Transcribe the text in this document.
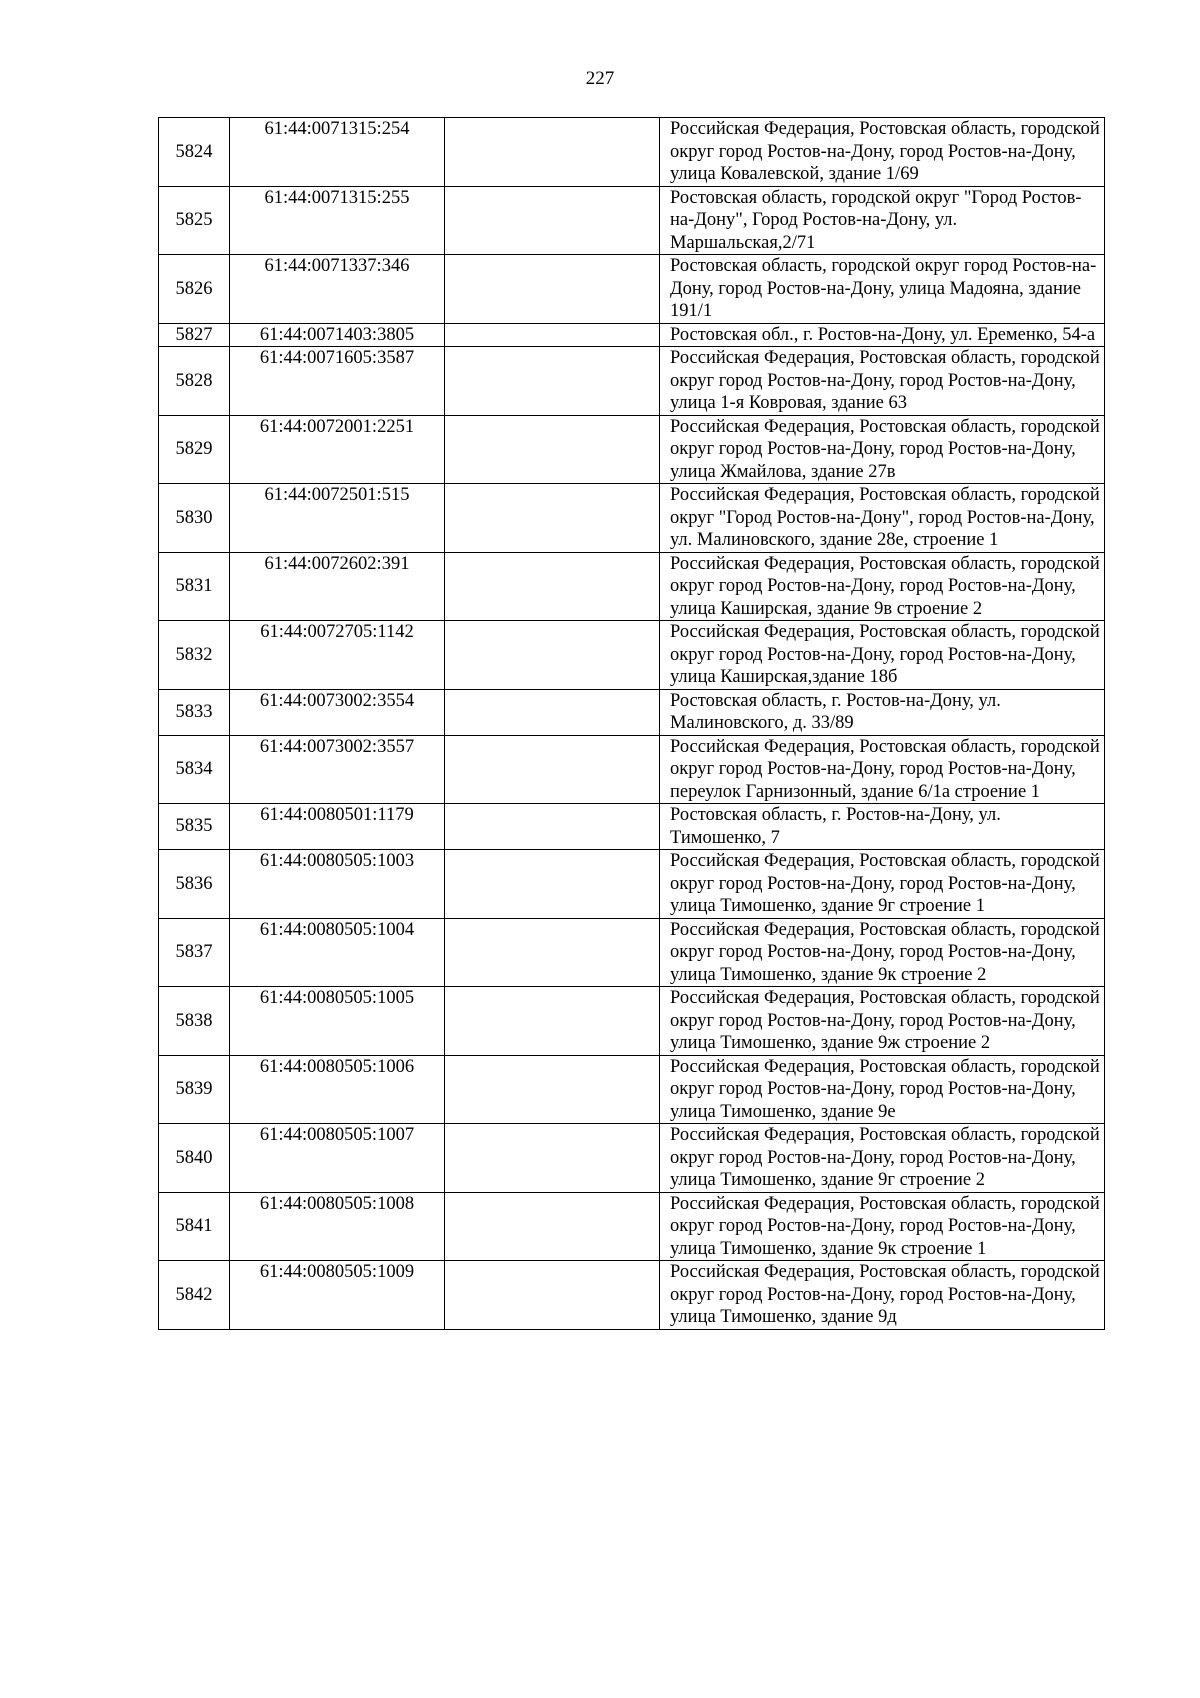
227
5824	61:44:0071315:254		Российская Федерация, Ростовская область, городской округ город Ростов-на-Дону, город Ростов-на-Дону, улица Ковалевской, здание 1/69
5825	61:44:0071315:255		Ростовская область, городской округ "Город Ростов-на-Дону", Город Ростов-на-Дону, ул. Маршальская,2/71
5826	61:44:0071337:346		Ростовская область, городской округ город Ростов-на-Дону, город Ростов-на-Дону, улица Мадояна, здание 191/1
5827	61:44:0071403:3805		Ростовская обл., г. Ростов-на-Дону, ул. Еременко, 54-а
5828	61:44:0071605:3587		Российская Федерация, Ростовская область, городской округ город Ростов-на-Дону, город Ростов-на-Дону, улица 1-я Ковровая, здание 63
5829	61:44:0072001:2251		Российская Федерация, Ростовская область, городской округ город Ростов-на-Дону, город Ростов-на-Дону, улица Жмайлова, здание 27в
5830	61:44:0072501:515		Российская Федерация, Ростовская область, городской округ "Город Ростов-на-Дону", город Ростов-на-Дону, ул. Малиновского, здание 28е, строение 1
5831	61:44:0072602:391		Российская Федерация, Ростовская область, городской округ город Ростов-на-Дону, город Ростов-на-Дону, улица Каширская, здание 9в строение 2
5832	61:44:0072705:1142		Российская Федерация, Ростовская область, городской округ город Ростов-на-Дону, город Ростов-на-Дону, улица Каширская,здание 18б
5833	61:44:0073002:3554		Ростовская область, г. Ростов-на-Дону, ул. Малиновского, д. 33/89
5834	61:44:0073002:3557		Российская Федерация, Ростовская область, городской округ город Ростов-на-Дону, город Ростов-на-Дону, переулок Гарнизонный, здание 6/1а строение 1
5835	61:44:0080501:1179		Ростовская область, г. Ростов-на-Дону, ул. Тимошенко, 7
5836	61:44:0080505:1003		Российская Федерация, Ростовская область, городской округ город Ростов-на-Дону, город Ростов-на-Дону, улица Тимошенко, здание 9г строение 1
5837	61:44:0080505:1004		Российская Федерация, Ростовская область, городской округ город Ростов-на-Дону, город Ростов-на-Дону, улица Тимошенко, здание 9к строение 2
5838	61:44:0080505:1005		Российская Федерация, Ростовская область, городской округ город Ростов-на-Дону, город Ростов-на-Дону, улица Тимошенко, здание 9ж строение 2
5839	61:44:0080505:1006		Российская Федерация, Ростовская область, городской округ город Ростов-на-Дону, город Ростов-на-Дону, улица Тимошенко, здание 9е
5840	61:44:0080505:1007		Российская Федерация, Ростовская область, городской округ город Ростов-на-Дону, город Ростов-на-Дону, улица Тимошенко, здание 9г строение 2
5841	61:44:0080505:1008		Российская Федерация, Ростовская область, городской округ город Ростов-на-Дону, город Ростов-на-Дону, улица Тимошенко, здание 9к строение 1
5842	61:44:0080505:1009		Российская Федерация, Ростовская область, городской округ город Ростов-на-Дону, город Ростов-на-Дону, улица Тимошенко, здание 9д
